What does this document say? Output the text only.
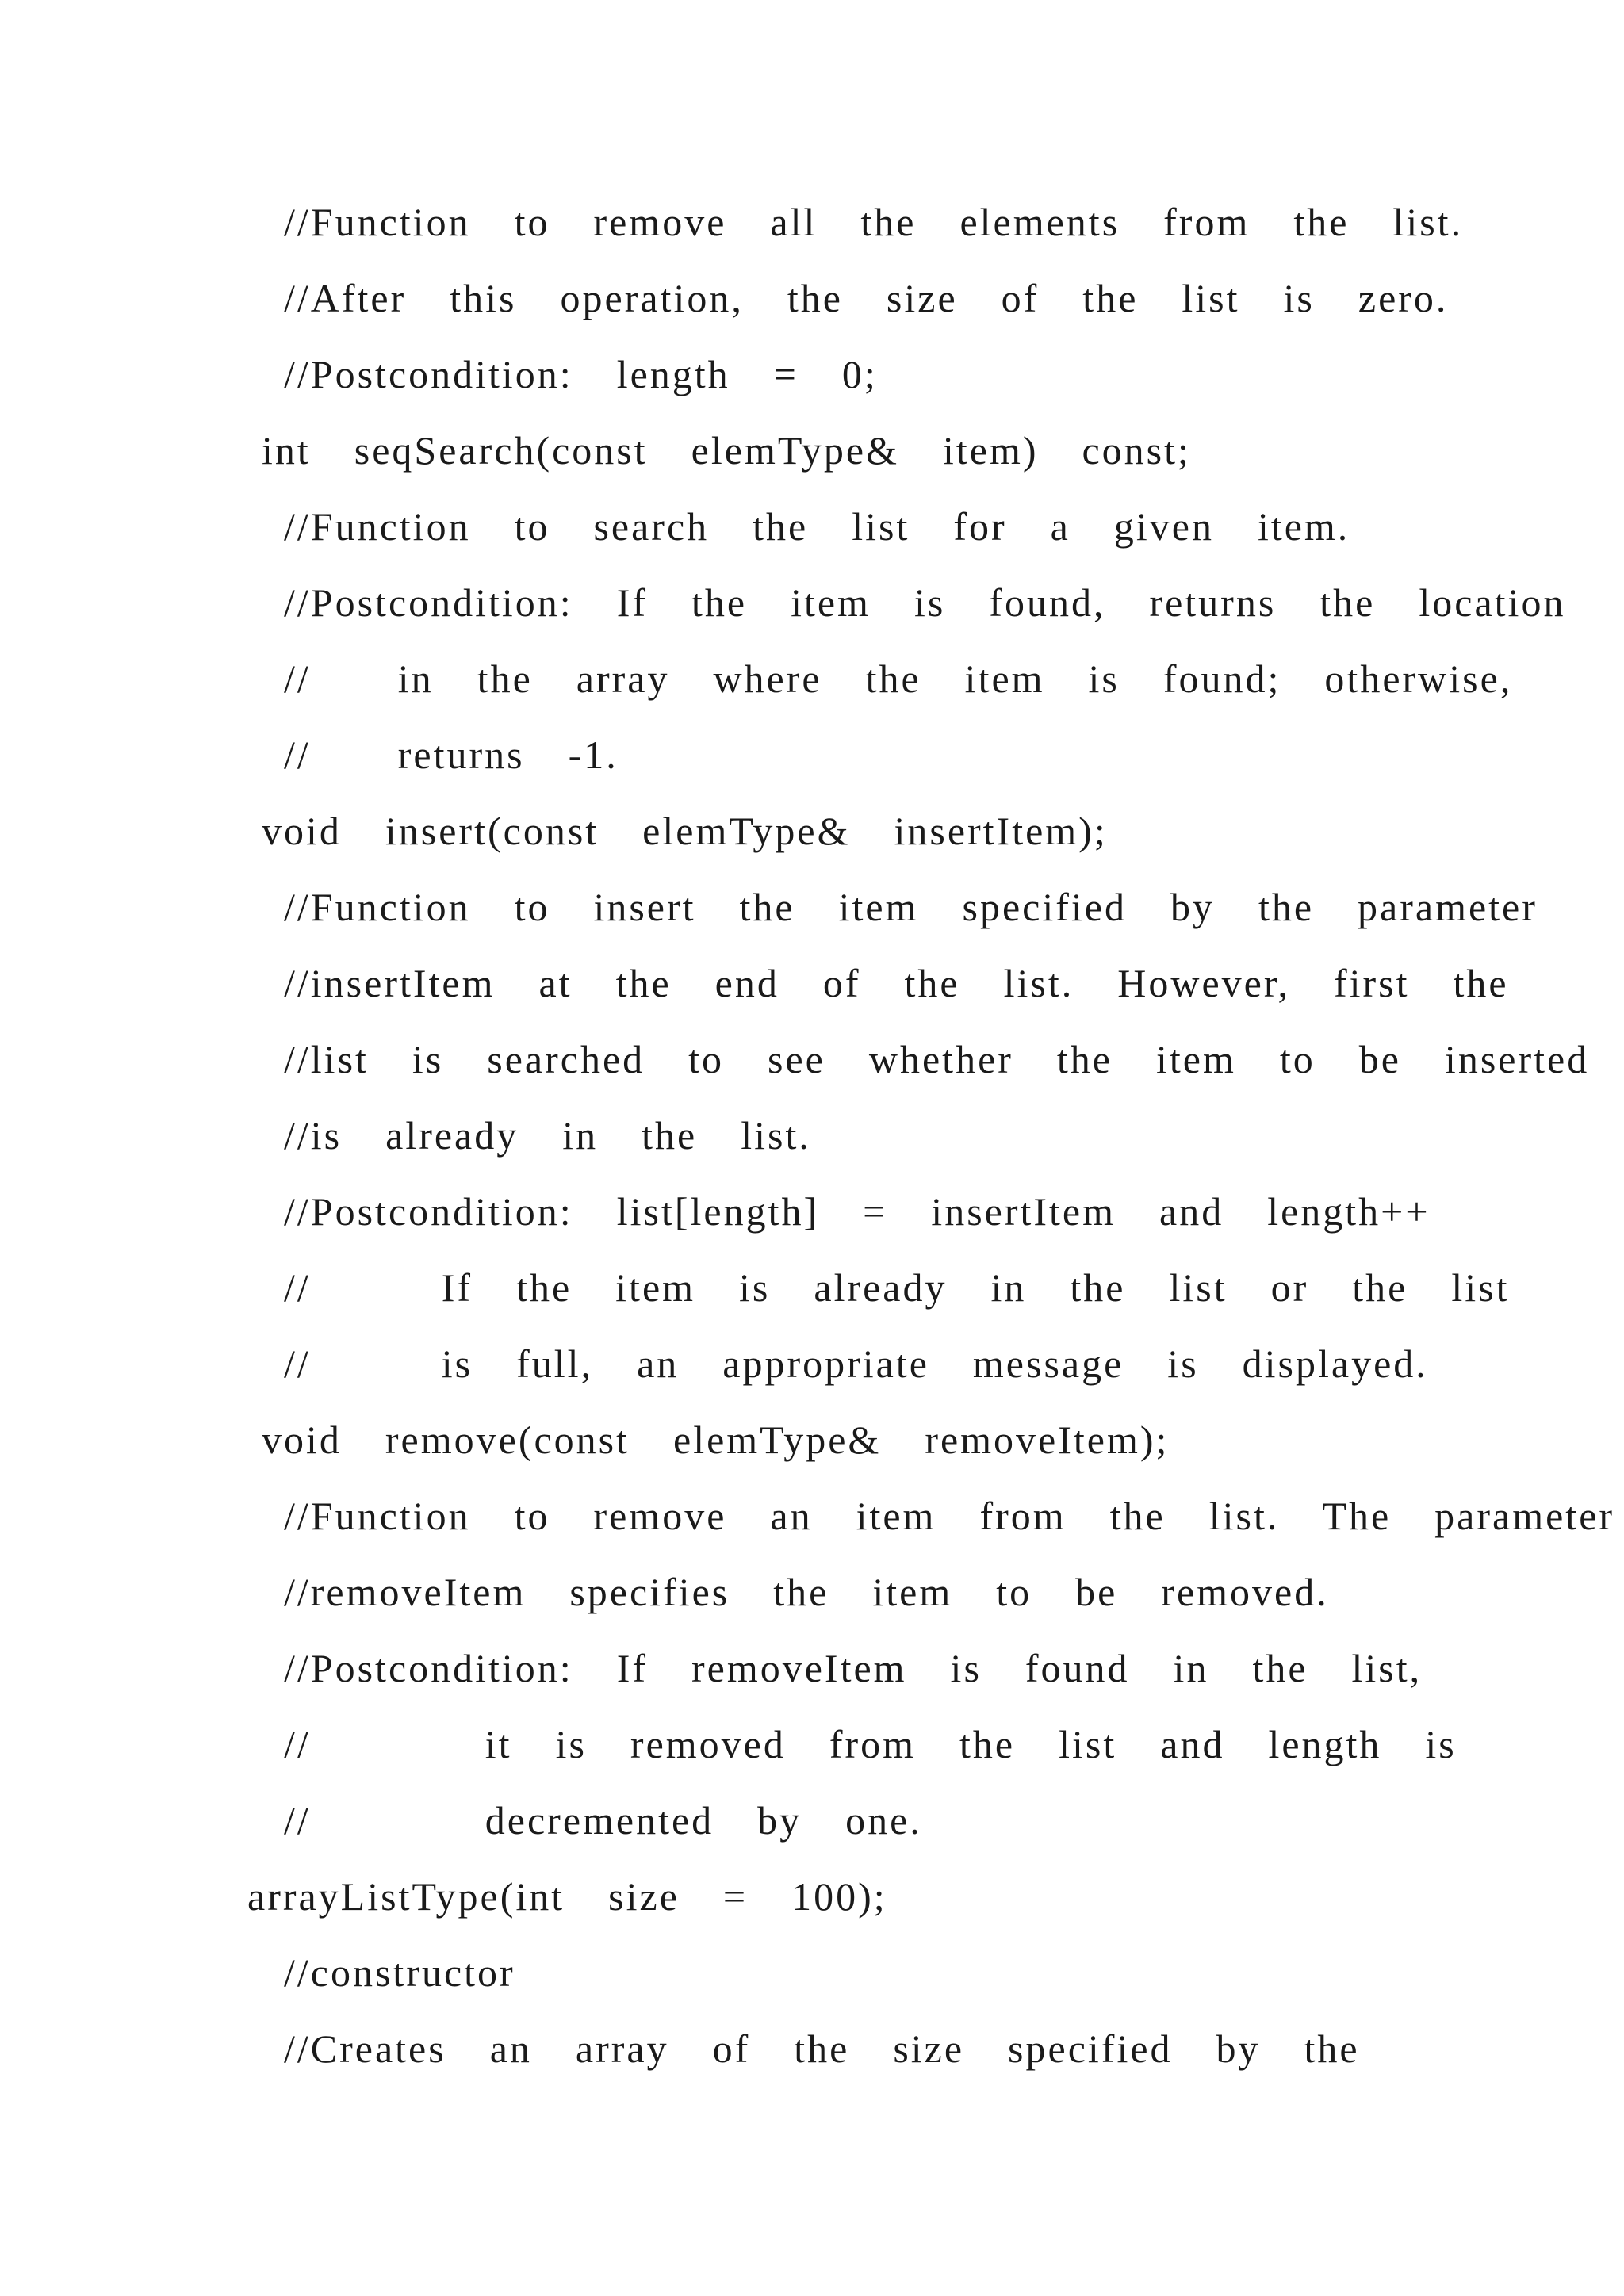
//Function  to  remove  all  the  elements  from  the  list.
//After  this  operation,  the  size  of  the  list  is  zero.
//Postcondition:  length  =  0;
int  seqSearch(const  elemType&  item)  const;
//Function  to  search  the  list  for  a  given  item.
//Postcondition:  If  the  item  is  found,  returns  the  location
//    in  the  array  where  the  item  is  found;  otherwise,
//    returns  -1.
void  insert(const  elemType&  insertItem);
//Function  to  insert  the  item  specified  by  the  parameter
//insertItem  at  the  end  of  the  list.  However,  first  the
//list  is  searched  to  see  whether  the  item  to  be  inserted
//is  already  in  the  list.
//Postcondition:  list[length]  =  insertItem  and  length++
//      If  the  item  is  already  in  the  list  or  the  list
//      is  full,  an  appropriate  message  is  displayed.
void  remove(const  elemType&  removeItem);
//Function  to  remove  an  item  from  the  list.  The  parameter
//removeItem  specifies  the  item  to  be  removed.
//Postcondition:  If  removeItem  is  found  in  the  list,
//        it  is  removed  from  the  list  and  length  is
//        decremented  by  one.
arrayListType(int  size  =  100);
//constructor
//Creates  an  array  of  the  size  specified  by  the
